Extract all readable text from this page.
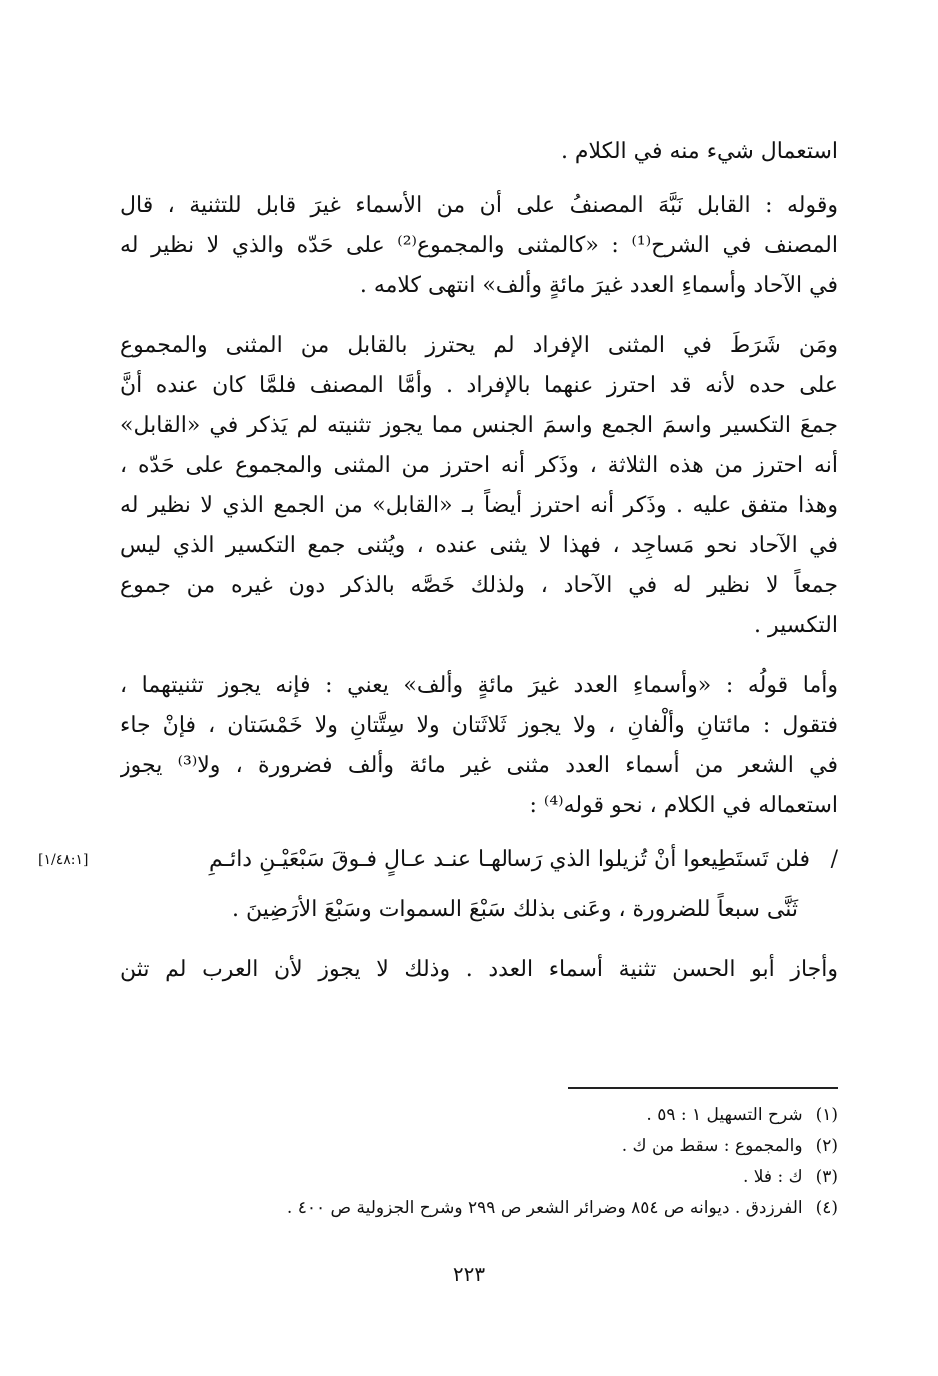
استعمال شيء منه في الكلام .
وقوله : القابل نَبَّهَ المصنفُ على أن من الأسماء غيرَ قابل للتثنية ، قال
المصنف في الشرح⁽¹⁾ : «كالمثنى والمجموع⁽²⁾ على حَدّه والذي لا نظير له
في الآحاد وأسماءِ العدد غيرَ مائةٍ وألف» انتهى كلامه .
ومَن شَرَطَ في المثنى الإفراد لم يحترز بالقابل من المثنى والمجموع
على حده لأنه قد احترز عنهما بالإفراد . وأمَّا المصنف فلمَّا كان عنده أنَّ
جمعَ التكسير واسمَ الجمع واسمَ الجنس مما يجوز تثنيته لم يَذكر في «القابل»
أنه احترز من هذه الثلاثة ، وذَكر أنه احترز من المثنى والمجموع على حَدّه ،
وهذا متفق عليه . وذَكر أنه احترز أيضاً بـ «القابل» من الجمع الذي لا نظير له
في الآحاد نحو مَساجِد ، فهذا لا يثنى عنده ، ويُثنى جمع التكسير الذي ليس
جمعاً لا نظير له في الآحاد ، ولذلك خَصَّه بالذكر دون غيره من جموع
التكسير .
وأما قولُه : «وأسماءِ العدد غيرَ مائةٍ وألف» يعني : فإنه يجوز تثنيتهما ،
فتقول : مائتانِ وألْفانِ ، ولا يجوز ثَلاثَتان ولا سِتَّتانِ ولا خَمْسَتان ، فإنْ جاء
في الشعر من أسماء العدد مثنى غير مائة وألف فضرورة ، ولا⁽³⁾ يجوز
استعماله في الكلام ، نحو قوله⁽⁴⁾ :
/
فلن تَستَطِيعوا أنْ تُزيلوا الذي رَسا
لهـا عنـد عـالٍ فـوقَ سَبْعَيْـنِ دائـمِ
[١/٤٨:١]
ثَنَّى سبعاً للضرورة ، وعَنى بذلك سَبْعَ السموات وسَبْعَ الأرَضِينَ .
وأجاز أبو الحسن تثنية أسماء العدد . وذلك لا يجوز لأن العرب لم تثن
(١) شرح التسهيل ١ : ٥٩ .
(٢) والمجموع : سقط من ك .
(٣) ك : فلا .
(٤) الفرزدق . ديوانه ص ٨٥٤ وضرائر الشعر ص ٢٩٩ وشرح الجزولية ص ٤٠٠ .
٢٢٣
